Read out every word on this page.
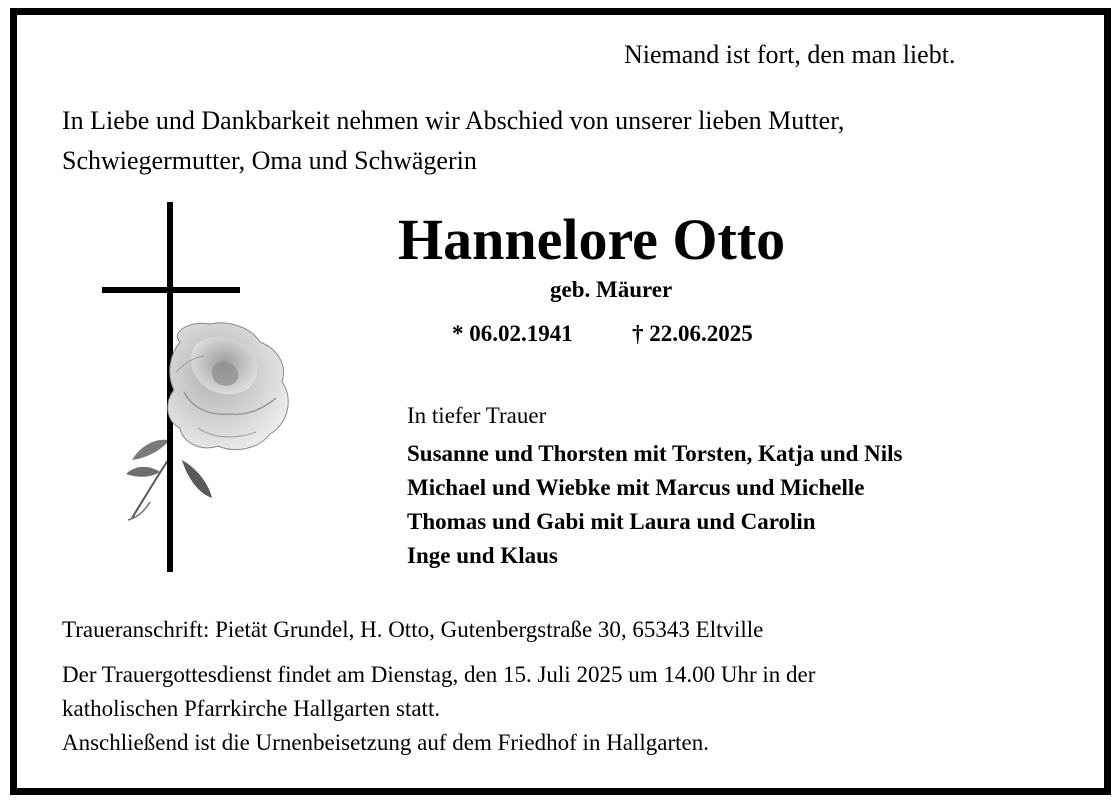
Niemand ist fort, den man liebt.
In Liebe und Dankbarkeit nehmen wir Abschied von unserer lieben Mutter,
Schwiegermutter, Oma und Schwägerin
Hannelore Otto
geb. Mäurer
* 06.02.1941	† 22.06.2025
In tiefer Trauer
Susanne und Thorsten mit Torsten, Katja und Nils
Michael und Wiebke mit Marcus und Michelle
Thomas und Gabi mit Laura und Carolin
Inge und Klaus
Traueranschrift: Pietät Grundel, H. Otto, Gutenbergstraße 30, 65343 Eltville
Der Trauergottesdienst findet am Dienstag, den 15. Juli 2025 um 14.00 Uhr in der
katholischen Pfarrkirche Hallgarten statt.
Anschließend ist die Urnenbeisetzung auf dem Friedhof in Hallgarten.
